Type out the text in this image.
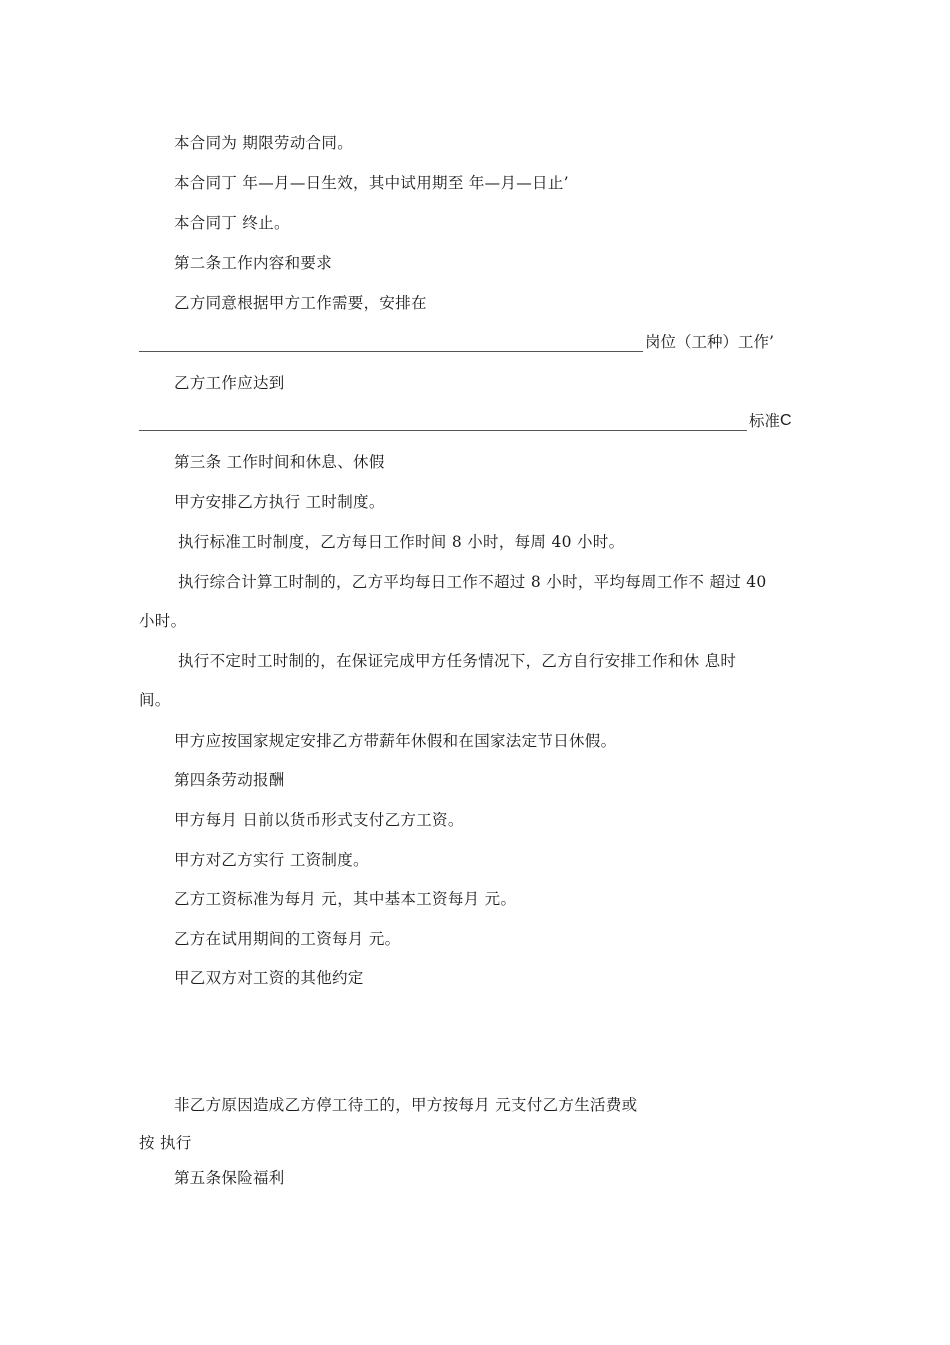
本合同为 期限劳动合同。
本合同丁 年—月—日生效，其中试用期至 年—月—日止’
本合同丁 终止。
第二条工作内容和要求
乙方同意根据甲方工作需要，安排在
岗位（工种）工作’
乙方工作应达到
标准 C
第三条 工作时间和休息、休假
甲方安排乙方执行 工时制度。
执行标准工时制度，乙方每日工作时间 8 小时，每周 40 小时。
执行综合计算工时制的，乙方平均每日工作不超过 8 小时，平均每周工作不 超过 40
小时。
执行不定时工时制的，在保证完成甲方任务情况下，乙方自行安排工作和休 息时
间。
甲方应按国家规定安排乙方带薪年休假和在国家法定节日休假。
第四条劳动报酬
甲方每月 日前以货币形式支付乙方工资。
甲方对乙方实行 工资制度。
乙方工资标准为每月 元，其中基本工资每月 元。
乙方在试用期间的工资每月 元。
甲乙双方对工资的其他约定
非乙方原因造成乙方停工待工的，甲方按每月 元支付乙方生活费或
按 执行
第五条保险福利
